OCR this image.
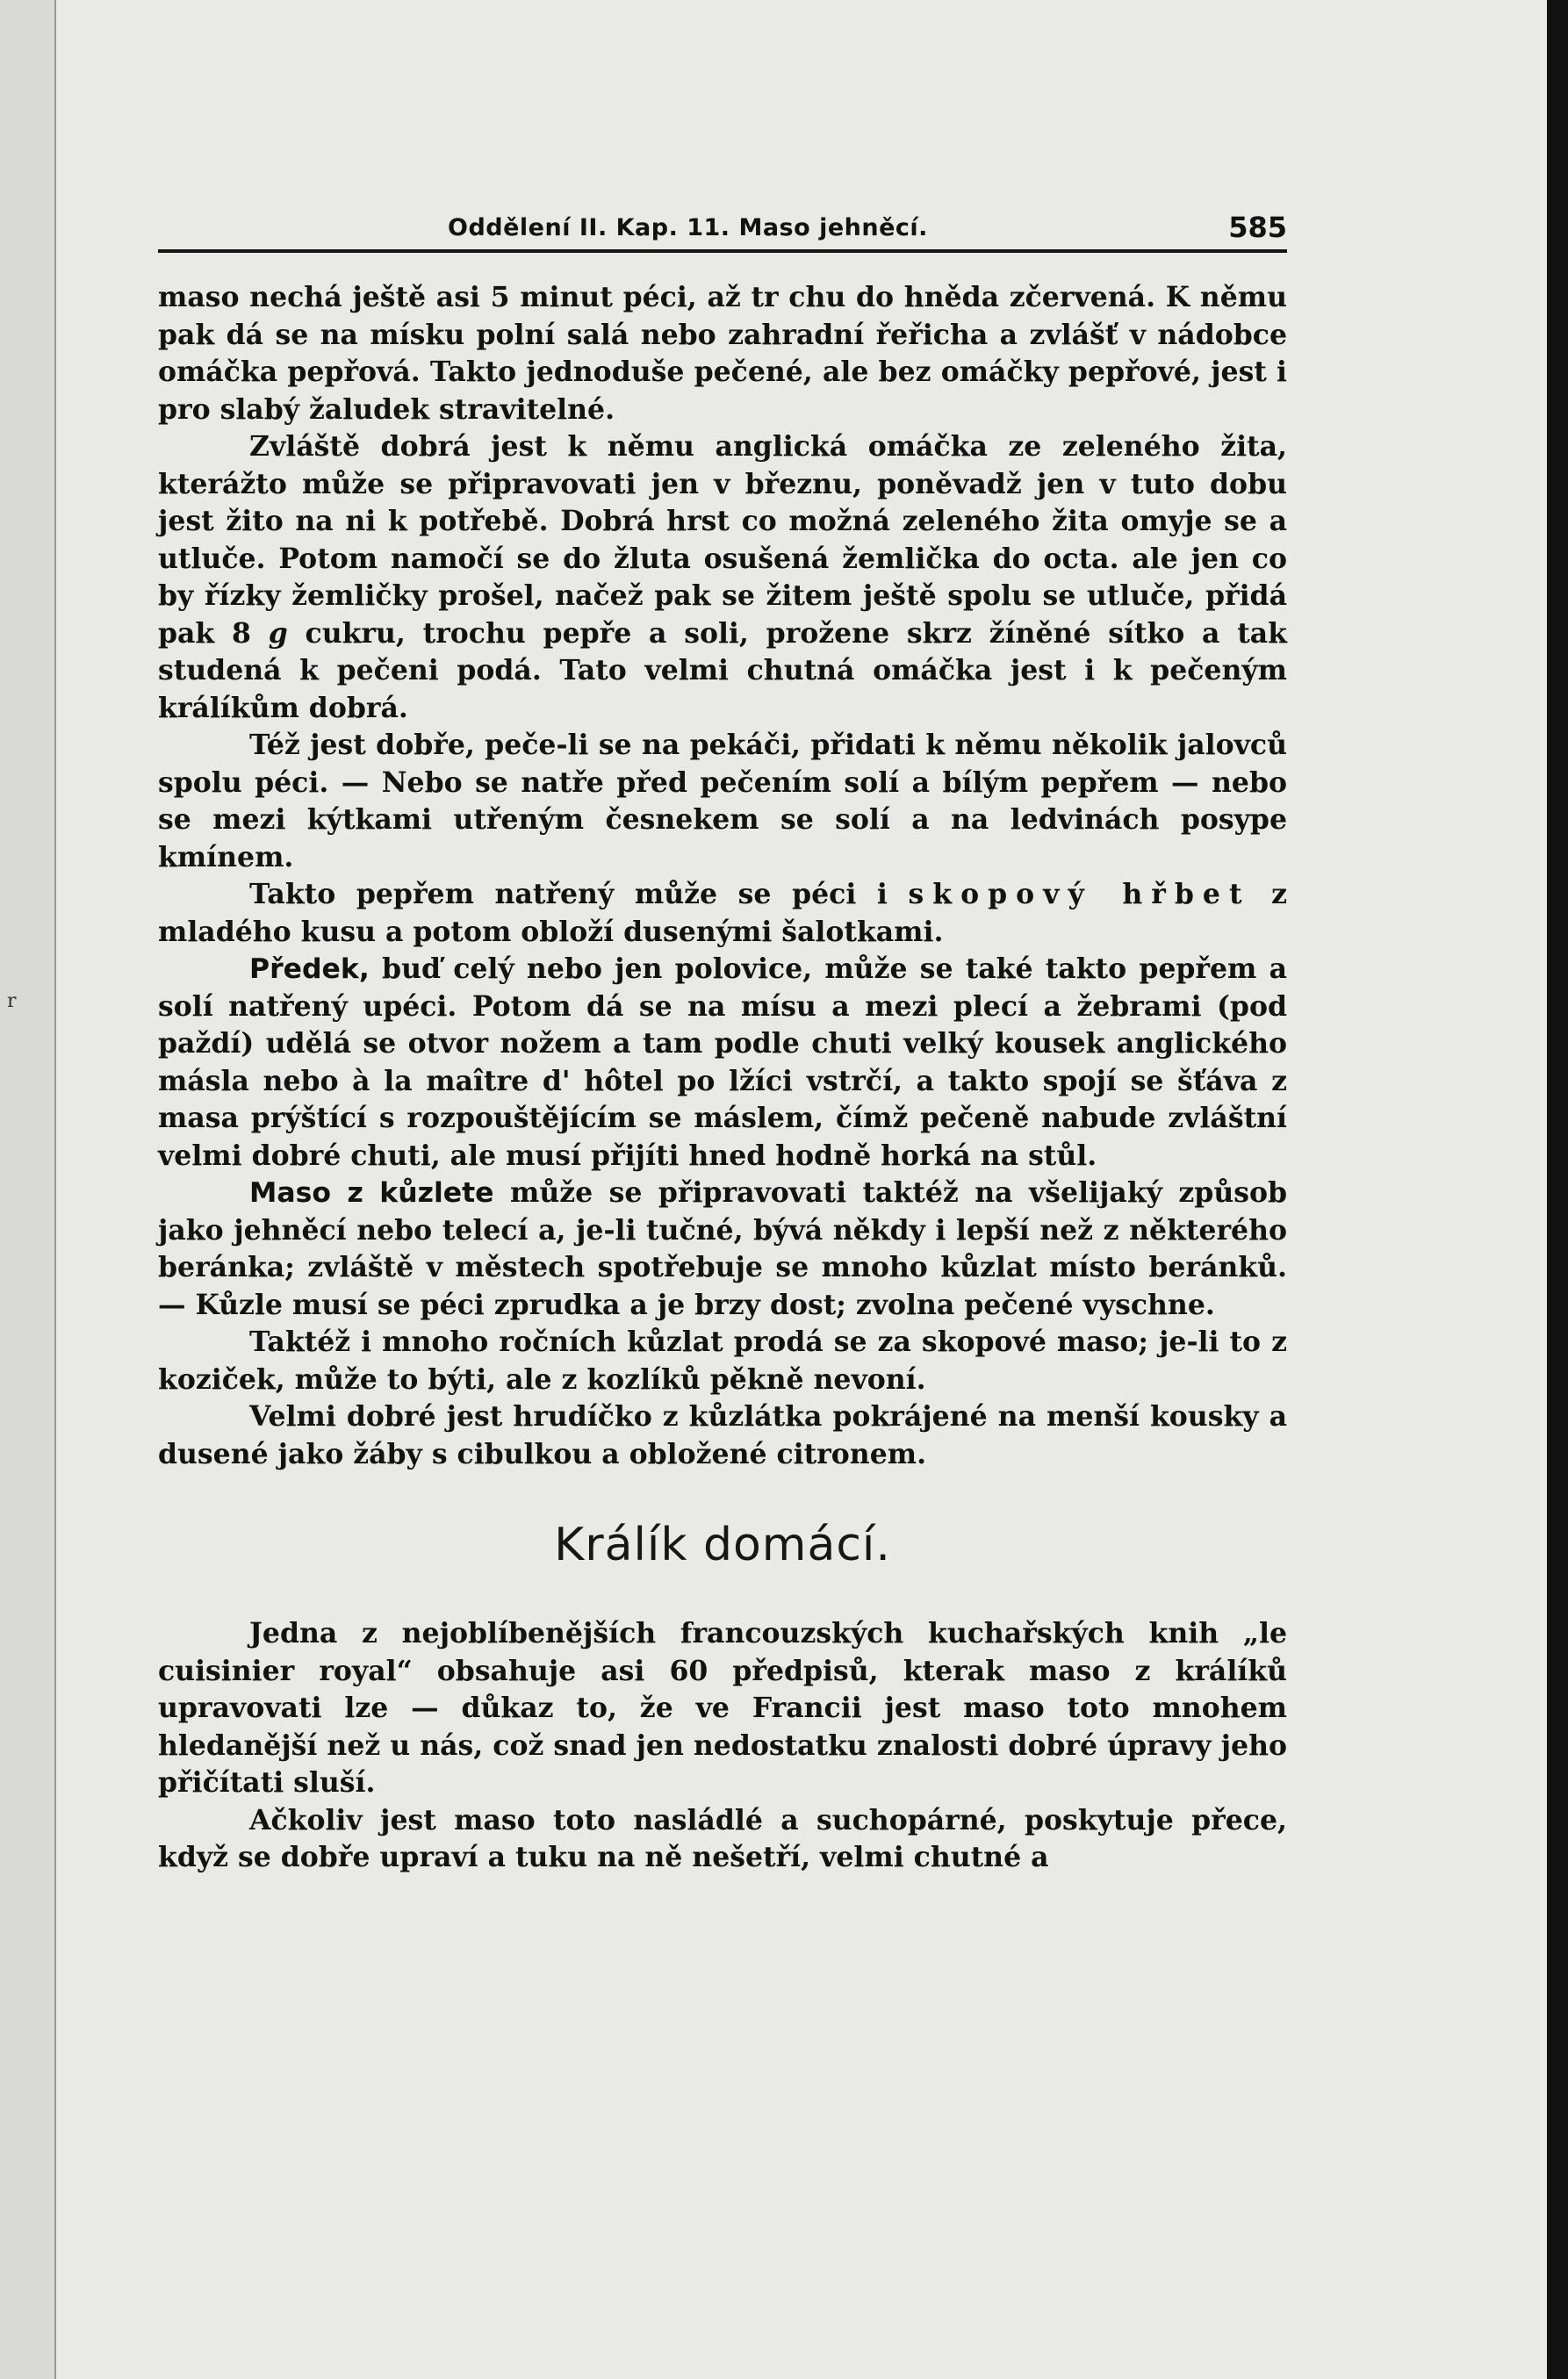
r
Oddělení II. Kap. 11. Maso jehněcí.	585

maso nechá ještě asi 5 minut péci, až tr chu do hněda zčervená. K němu pak dá se na mísku polní salá nebo zahradní řeřicha a zvlášť v nádobce omáčka pepřová. Takto jednoduše pečené, ale bez omáčky pepřové, jest i pro slabý žaludek stravitelné.

Zvláště dobrá jest k němu anglická omáčka ze zeleného žita, kterážto může se připravovati jen v březnu, poněvadž jen v tuto dobu jest žito na ni k potřebě. Dobrá hrst co možná zeleného žita omyje se a utluče. Potom namočí se do žluta osušená žemlička do octa. ale jen co by řízky žemličky prošel, načež pak se žitem ještě spolu se utluče, přidá pak 8 g cukru, trochu pepře a soli, prožene skrz žíněné sítko a tak studená k pečeni podá. Tato velmi chutná omáčka jest i k pečeným králíkům dobrá.

Též jest dobře, peče-li se na pekáči, přidati k němu několik jalovců spolu péci. — Nebo se natře před pečením solí a bílým pepřem — nebo se mezi kýtkami utřeným česnekem se solí a na ledvinách posype kmínem.

Takto pepřem natřený může se péci i skopový hřbet z mladého kusu a potom obloží dusenými šalotkami.

Předek, buď celý nebo jen polovice, může se také takto pepřem a solí natřený upéci. Potom dá se na mísu a mezi plecí a žebrami (pod paždí) udělá se otvor nožem a tam podle chuti velký kousek anglického másla nebo à la maître d' hôtel po lžíci vstrčí, a takto spojí se šťáva z masa prýštící s rozpouštějícím se máslem, čímž pečeně nabude zvláštní velmi dobré chuti, ale musí přijíti hned hodně horká na stůl.

Maso z kůzlete může se připravovati taktéž na všelijaký způsob jako jehněcí nebo telecí a, je-li tučné, bývá někdy i lepší než z některého beránka; zvláště v městech spotřebuje se mnoho kůzlat místo beránků. — Kůzle musí se péci zprudka a je brzy dost; zvolna pečené vyschne.

Taktéž i mnoho ročních kůzlat prodá se za skopové maso; je-li to z koziček, může to býti, ale z kozlíků pěkně nevoní.

Velmi dobré jest hrudíčko z kůzlátka pokrájené na menší kousky a dusené jako žáby s cibulkou a obložené citronem.

Králík domácí.

Jedna z nejoblíbenějších francouzských kuchařských knih „le cuisinier royal“ obsahuje asi 60 předpisů, kterak maso z králíků upravovati lze — důkaz to, že ve Francii jest maso toto mnohem hledanější než u nás, což snad jen nedostatku znalosti dobré úpravy jeho přičítati sluší.

Ačkoliv jest maso toto nasládlé a suchopárné, poskytuje přece, když se dobře upraví a tuku na ně nešetří, velmi chutné a
